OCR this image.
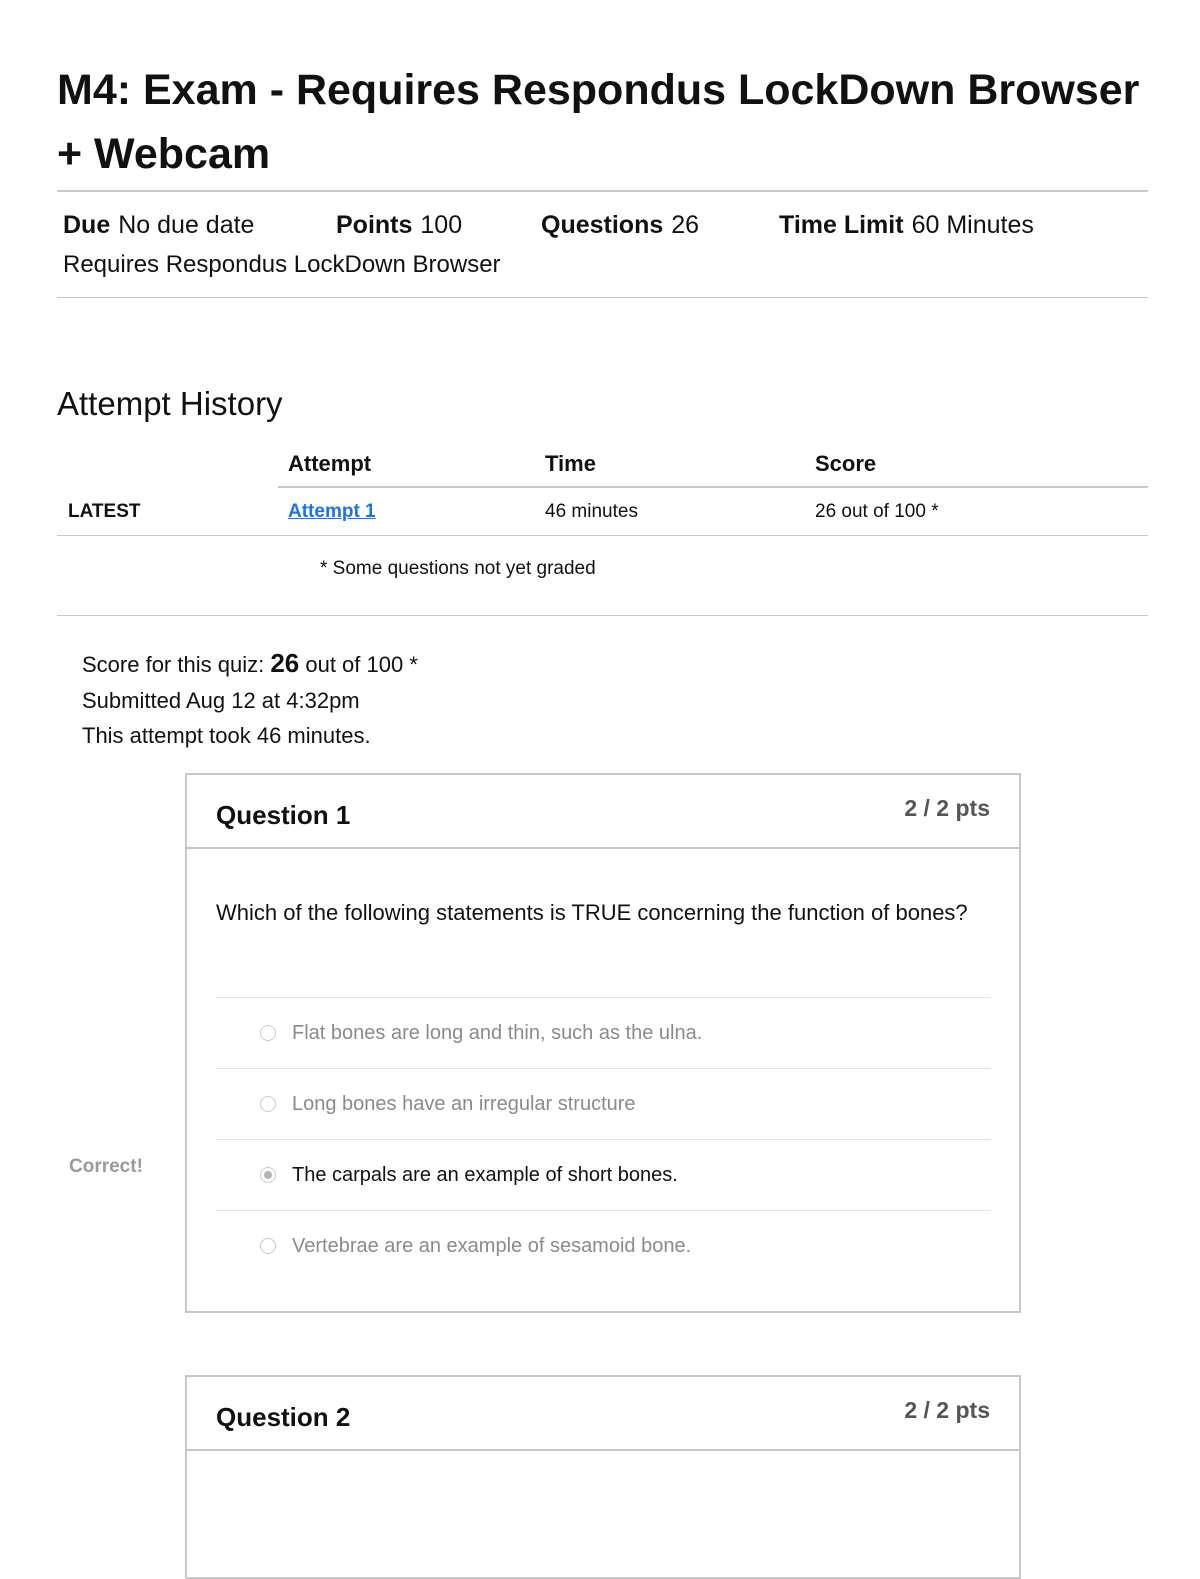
M4: Exam - Requires Respondus LockDown Browser + Webcam
Due No due date	Points 100	Questions 26	Time Limit 60 Minutes
Requires Respondus LockDown Browser
Attempt History
Attempt	Time	Score
LATEST	Attempt 1	46 minutes	26 out of 100 *
* Some questions not yet graded
Score for this quiz: 26 out of 100 *
Submitted Aug 12 at 4:32pm
This attempt took 46 minutes.
Question 1	2 / 2 pts
Which of the following statements is TRUE concerning the function of bones?
Flat bones are long and thin, such as the ulna.
Long bones have an irregular structure
The carpals are an example of short bones.
Vertebrae are an example of sesamoid bone.
Correct!
Question 2	2 / 2 pts
